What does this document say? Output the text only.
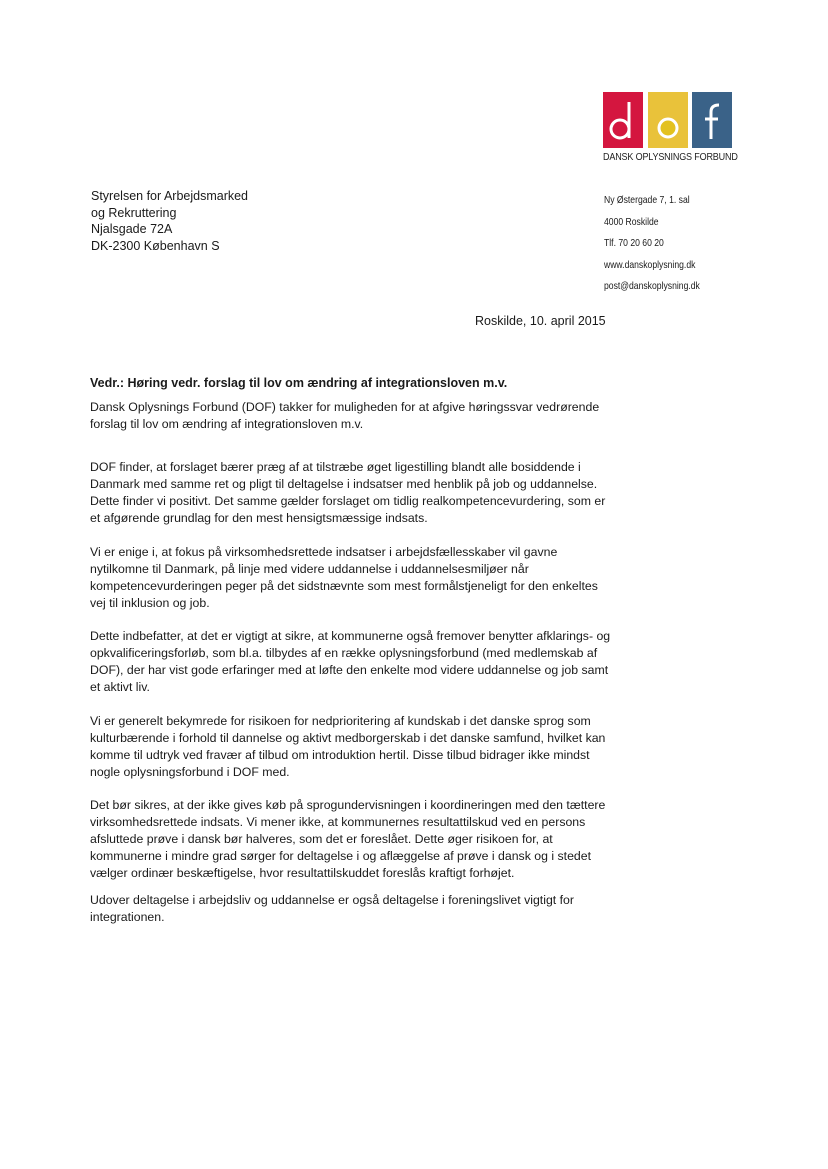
DANSK OPLYSNINGS FORBUND
Styrelsen for Arbejdsmarked
og Rekruttering
Njalsgade 72A
DK-2300 København S
Ny Østergade 7, 1. sal
4000 Roskilde
Tlf. 70 20 60 20
www.danskoplysning.dk
post@danskoplysning.dk
Roskilde, 10. april 2015
Vedr.: Høring vedr. forslag til lov om ændring af integrationsloven m.v.
Dansk Oplysnings Forbund (DOF) takker for muligheden for at afgive høringssvar vedrørende
forslag til lov om ændring af integrationsloven m.v.
DOF finder, at forslaget bærer præg af at tilstræbe øget ligestilling blandt alle bosiddende i
Danmark med samme ret og pligt til deltagelse i indsatser med henblik på job og uddannelse.
Dette finder vi positivt. Det samme gælder forslaget om tidlig realkompetencevurdering, som er
et afgørende grundlag for den mest hensigtsmæssige indsats.
Vi er enige i, at fokus på virksomhedsrettede indsatser i arbejdsfællesskaber vil gavne
nytilkomne til Danmark, på linje med videre uddannelse i uddannelsesmiljøer når
kompetencevurderingen peger på det sidstnævnte som mest formålstjeneligt for den enkeltes
vej til inklusion og job.
Dette indbefatter, at det er vigtigt at sikre, at kommunerne også fremover benytter afklarings- og
opkvalificeringsforløb, som bl.a. tilbydes af en række oplysningsforbund (med medlemskab af
DOF), der har vist gode erfaringer med at løfte den enkelte mod videre uddannelse og job samt
et aktivt liv.
Vi er generelt bekymrede for risikoen for nedprioritering af kundskab i det danske sprog som
kulturbærende i forhold til dannelse og aktivt medborgerskab i det danske samfund, hvilket kan
komme til udtryk ved fravær af tilbud om introduktion hertil. Disse tilbud bidrager ikke mindst
nogle oplysningsforbund i DOF med.
Det bør sikres, at der ikke gives køb på sprogundervisningen i koordineringen med den tættere
virksomhedsrettede indsats. Vi mener ikke, at kommunernes resultattilskud ved en persons
afsluttede prøve i dansk bør halveres, som det er foreslået. Dette øger risikoen for, at
kommunerne i mindre grad sørger for deltagelse i og aflæggelse af prøve i dansk og i stedet
vælger ordinær beskæftigelse, hvor resultattilskuddet foreslås kraftigt forhøjet.
Udover deltagelse i arbejdsliv og uddannelse er også deltagelse i foreningslivet vigtigt for
integrationen.
